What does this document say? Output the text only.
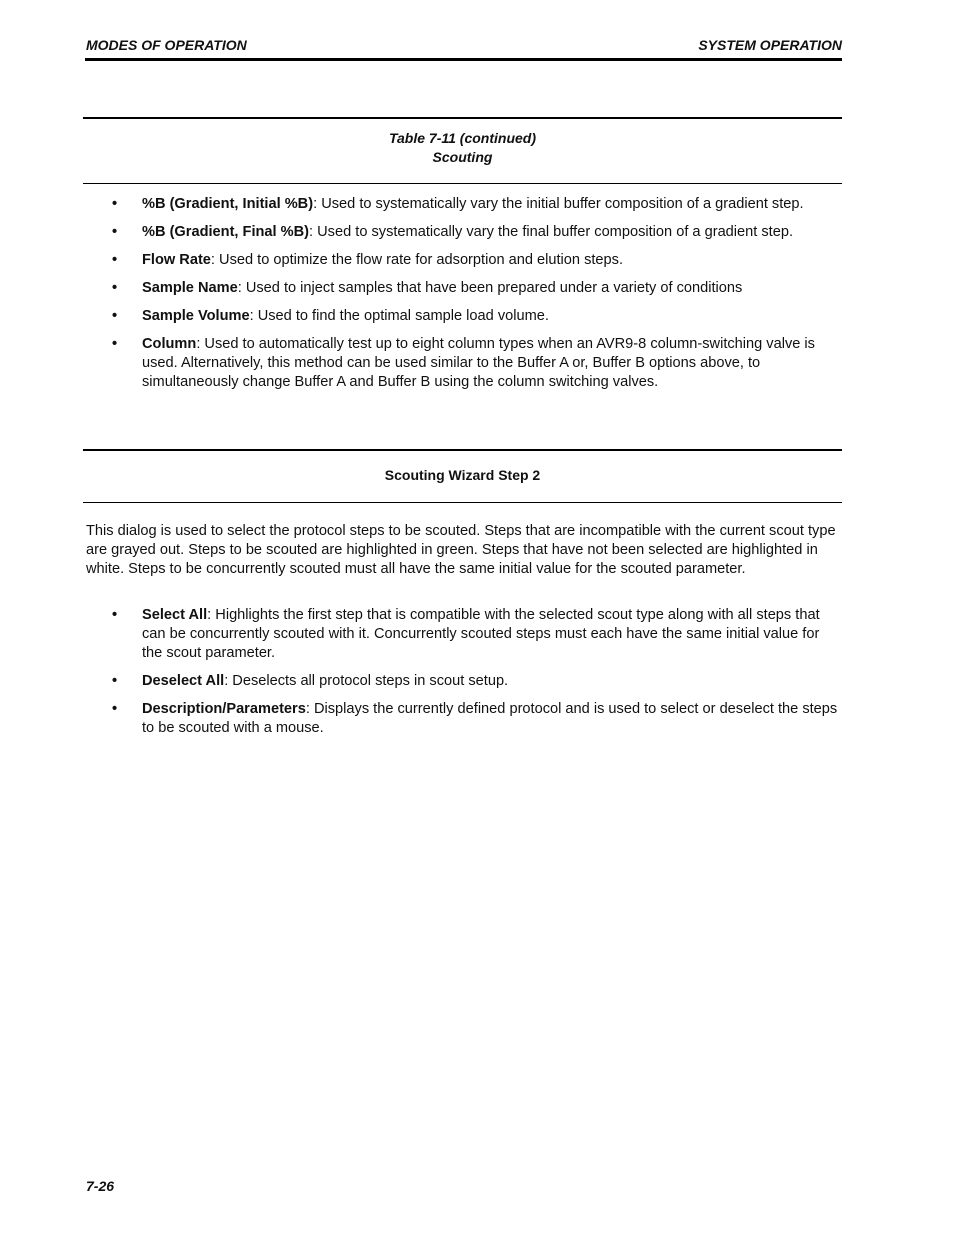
MODES OF OPERATION	SYSTEM OPERATION
Table 7-11 (continued)
Scouting
• %B (Gradient, Initial %B): Used to systematically vary the initial buffer composition of a gradient step.
• %B (Gradient, Final %B): Used to systematically vary the final buffer composition of a gradient step.
• Flow Rate: Used to optimize the flow rate for adsorption and elution steps.
• Sample Name: Used to inject samples that have been prepared under a variety of conditions
• Sample Volume: Used to find the optimal sample load volume.
• Column: Used to automatically test up to eight column types when an AVR9-8 column-switching valve is used. Alternatively, this method can be used similar to the Buffer A or, Buffer B options above, to simultaneously change Buffer A and Buffer B using the column switching valves.
Scouting Wizard Step 2

This dialog is used to select the protocol steps to be scouted. Steps that are incompatible with the current scout type are grayed out. Steps to be scouted are highlighted in green. Steps that have not been selected are highlighted in white. Steps to be concurrently scouted must all have the same initial value for the scouted parameter.

• Select All: Highlights the first step that is compatible with the selected scout type along with all steps that can be concurrently scouted with it. Concurrently scouted steps must each have the same initial value for the scout parameter.
• Deselect All: Deselects all protocol steps in scout setup.
• Description/Parameters: Displays the currently defined protocol and is used to select or deselect the steps to be scouted with a mouse.
7-26
